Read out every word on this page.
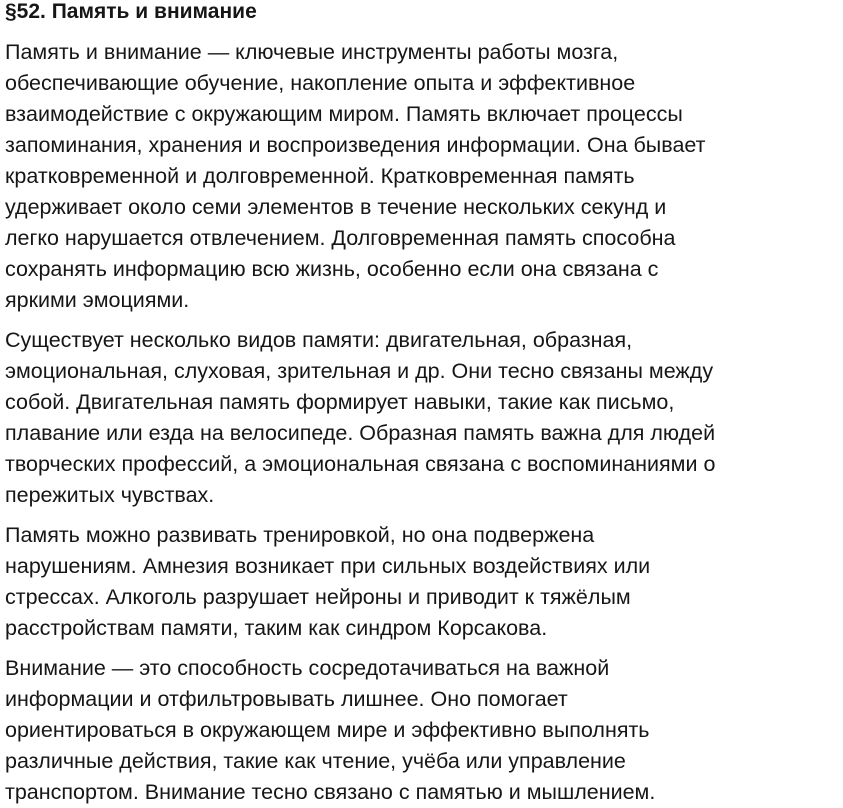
§52. Память и внимание

Память и внимание — ключевые инструменты работы мозга,
обеспечивающие обучение, накопление опыта и эффективное
взаимодействие с окружающим миром. Память включает процессы
запоминания, хранения и воспроизведения информации. Она бывает
кратковременной и долговременной. Кратковременная память
удерживает около семи элементов в течение нескольких секунд и
легко нарушается отвлечением. Долговременная память способна
сохранять информацию всю жизнь, особенно если она связана с
яркими эмоциями.

Существует несколько видов памяти: двигательная, образная,
эмоциональная, слуховая, зрительная и др. Они тесно связаны между
собой. Двигательная память формирует навыки, такие как письмо,
плавание или езда на велосипеде. Образная память важна для людей
творческих профессий, а эмоциональная связана с воспоминаниями о
пережитых чувствах.

Память можно развивать тренировкой, но она подвержена
нарушениям. Амнезия возникает при сильных воздействиях или
стрессах. Алкоголь разрушает нейроны и приводит к тяжёлым
расстройствам памяти, таким как синдром Корсакова.

Внимание — это способность сосредотачиваться на важной
информации и отфильтровывать лишнее. Оно помогает
ориентироваться в окружающем мире и эффективно выполнять
различные действия, такие как чтение, учёба или управление
транспортом. Внимание тесно связано с памятью и мышлением.
